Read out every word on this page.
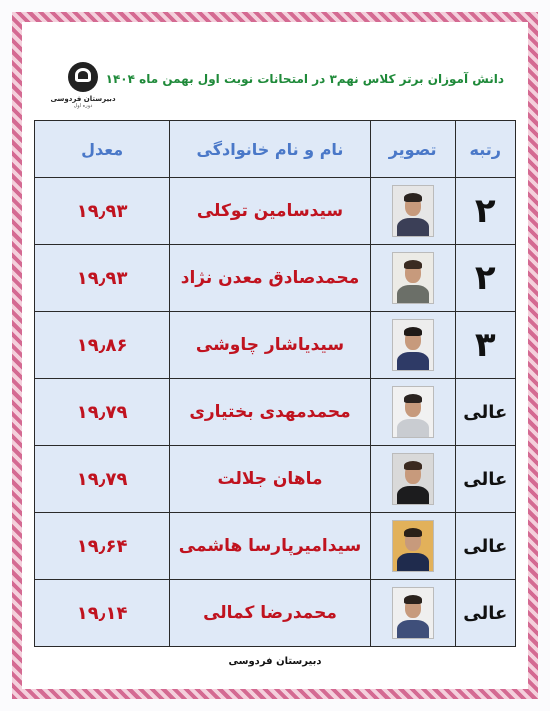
دبیرستان فردوسی
دوره اول
دانش آموزان برتر کلاس نهم۳ در امتحانات نوبت اول بهمن ماه ۱۴۰۴
رتبه	تصویر	نام و نام خانوادگی	معدل
۲		سیدسامین توکلی	۱۹٫۹۳
۲		محمدصادق معدن نژاد	۱۹٫۹۳
۳		سیدیاشار چاوشی	۱۹٫۸۶
عالی		محمدمهدی بختیاری	۱۹٫۷۹
عالی		ماهان جلالت	۱۹٫۷۹
عالی		سیدامیرپارسا هاشمی	۱۹٫۶۴
عالی		محمدرضا کمالی	۱۹٫۱۴
دبیرستان فردوسی
